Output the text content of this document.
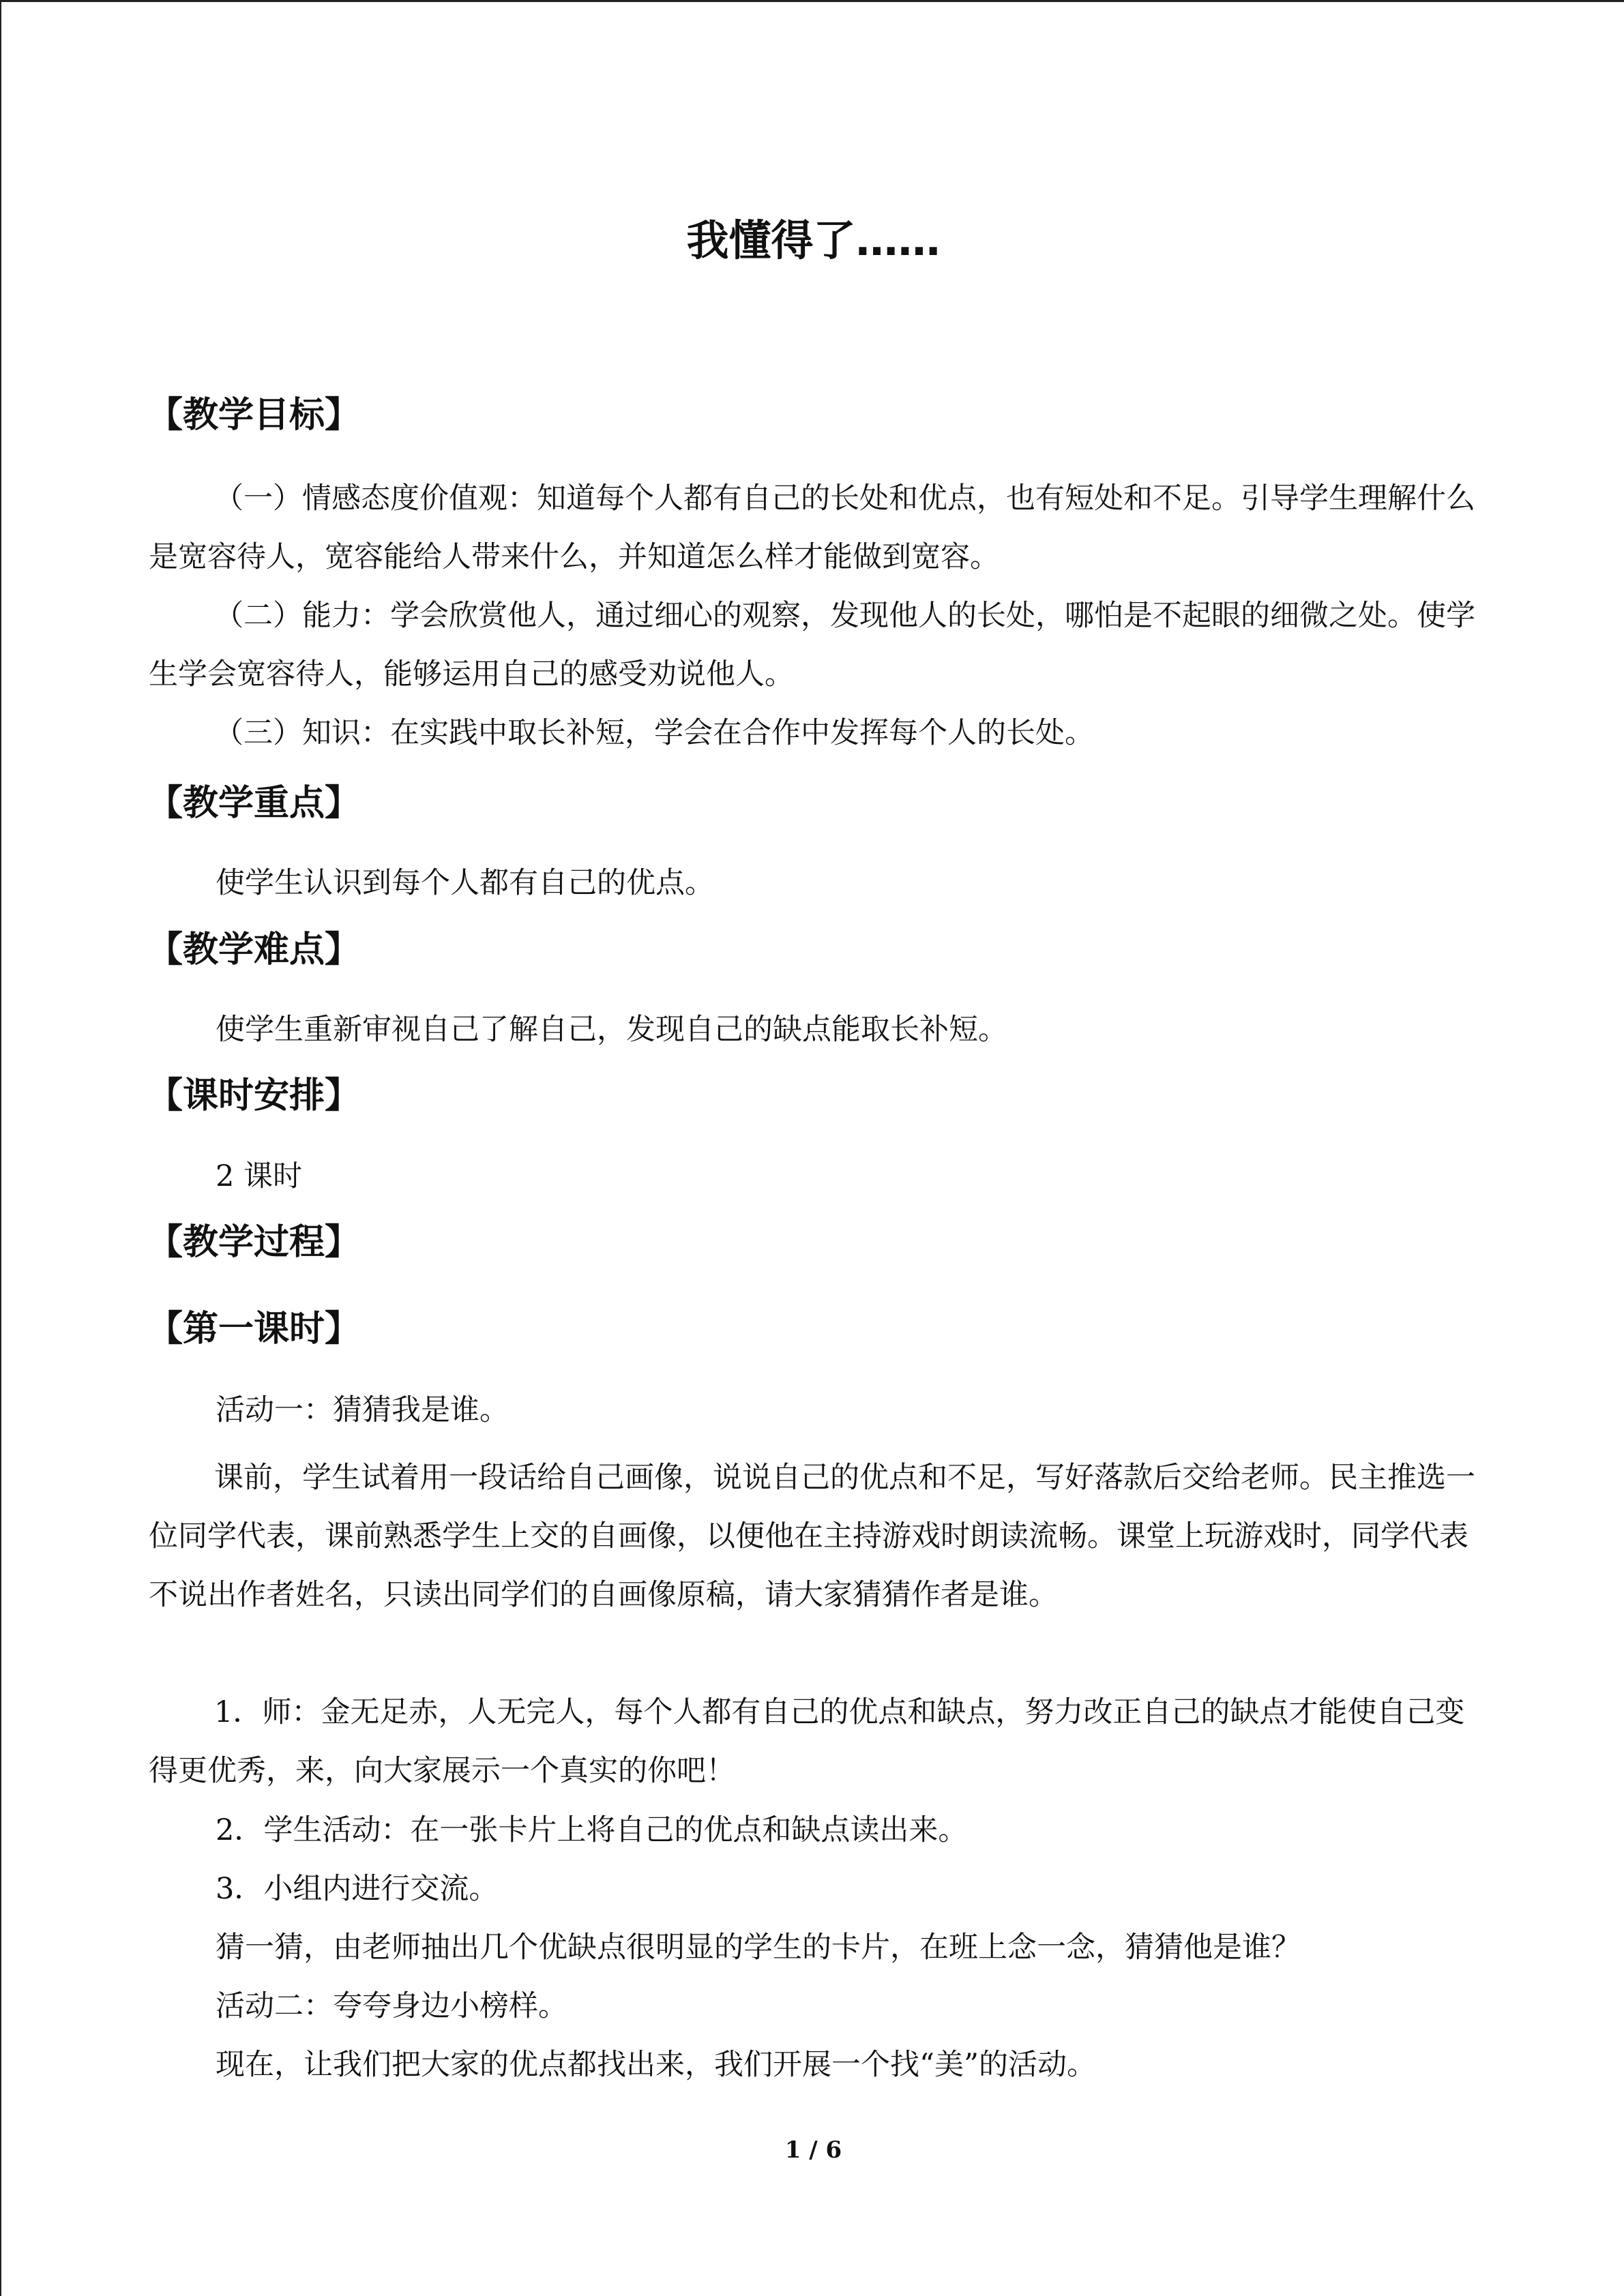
我懂得了……
【教学目标】

（一）情感态度价值观：知道每个人都有自己的长处和优点，也有短处和不足。引导学生理解什么是宽容待人，宽容能给人带来什么，并知道怎么样才能做到宽容。

（二）能力：学会欣赏他人，通过细心的观察，发现他人的长处，哪怕是不起眼的细微之处。使学生学会宽容待人，能够运用自己的感受劝说他人。

（三）知识：在实践中取长补短，学会在合作中发挥每个人的长处。

【教学重点】
使学生认识到每个人都有自己的优点。
【教学难点】
使学生重新审视自己了解自己，发现自己的缺点能取长补短。
【课时安排】
2 课时
【教学过程】
【第一课时】
活动一：猜猜我是谁。

课前，学生试着用一段话给自己画像，说说自己的优点和不足，写好落款后交给老师。民主推选一位同学代表，课前熟悉学生上交的自画像，以便他在主持游戏时朗读流畅。课堂上玩游戏时，同学代表不说出作者姓名，只读出同学们的自画像原稿，请大家猜猜作者是谁。

1．师：金无足赤，人无完人，每个人都有自己的优点和缺点，努力改正自己的缺点才能使自己变得更优秀，来，向大家展示一个真实的你吧！

2．学生活动：在一张卡片上将自己的优点和缺点读出来。
3．小组内进行交流。
猜一猜，由老师抽出几个优缺点很明显的学生的卡片，在班上念一念，猜猜他是谁？
活动二：夸夸身边小榜样。
现在，让我们把大家的优点都找出来，我们开展一个找“美”的活动。
1 / 6
